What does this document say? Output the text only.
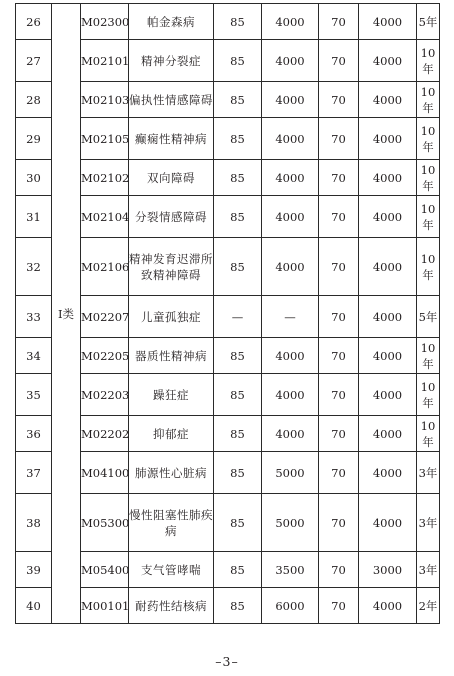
26	Ⅰ类	M02300	帕金森病	85	4000	70	4000	5年
27		M02101	精神分裂症	85	4000	70	4000	10年
28		M02103	偏执性情感障碍	85	4000	70	4000	10年
29		M02105	癫痫性精神病	85	4000	70	4000	10年
30		M02102	双向障碍	85	4000	70	4000	10年
31		M02104	分裂情感障碍	85	4000	70	4000	10年
32		M02106	精神发育迟滞所致精神障碍	85	4000	70	4000	10年
33		M02207	儿童孤独症	—	—	70	4000	5年
34		M02205	器质性精神病	85	4000	70	4000	10年
35		M02203	躁狂症	85	4000	70	4000	10年
36		M02202	抑郁症	85	4000	70	4000	10年
37		M04100	肺源性心脏病	85	5000	70	4000	3年
38		M05300	慢性阻塞性肺疾病	85	5000	70	4000	3年
39		M05400	支气管哮喘	85	3500	70	3000	3年
40		M00101	耐药性结核病	85	6000	70	4000	2年
–3–
